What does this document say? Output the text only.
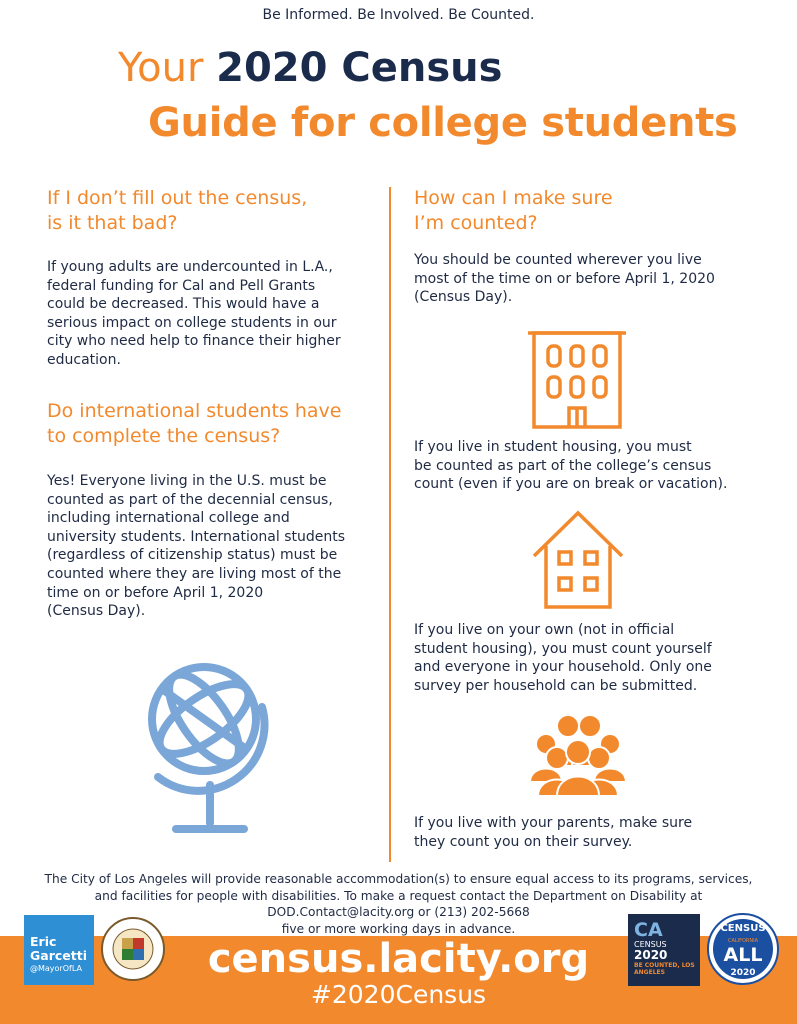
Be Informed. Be Involved. Be Counted.
Your 2020 Census
Guide for college students
If I don’t fill out the census,
is it that bad?

If young adults are undercounted in L.A.,
federal funding for Cal and Pell Grants
could be decreased. This would have a
serious impact on college students in our
city who need help to finance their higher
education.

Do international students have
to complete the census?

Yes! Everyone living in the U.S. must be
counted as part of the decennial census,
including international college and
university students. International students
(regardless of citizenship status) must be
counted where they are living most of the
time on or before April 1, 2020
(Census Day).

How can I make sure
I’m counted?

You should be counted wherever you live
most of the time on or before April 1, 2020
(Census Day).

If you live in student housing, you must
be counted as part of the college’s census
count (even if you are on break or vacation).

If you live on your own (not in official
student housing), you must count yourself
and everyone in your household. Only one
survey per household can be submitted.

If you live with your parents, make sure
they count you on their survey.

The City of Los Angeles will provide reasonable accommodation(s) to ensure equal access to its programs, services,
and facilities for people with disabilities. To make a request contact the Department on Disability at
DOD.Contact@lacity.org or (213) 202-5668
five or more working days in advance.
census.lacity.org
#2020Census
Eric
Garcetti
@MayorOfLA
CA
CENSUS
2020
BE COUNTED, LOS ANGELES
CENSUS
CALIFORNIA
ALL
2020
